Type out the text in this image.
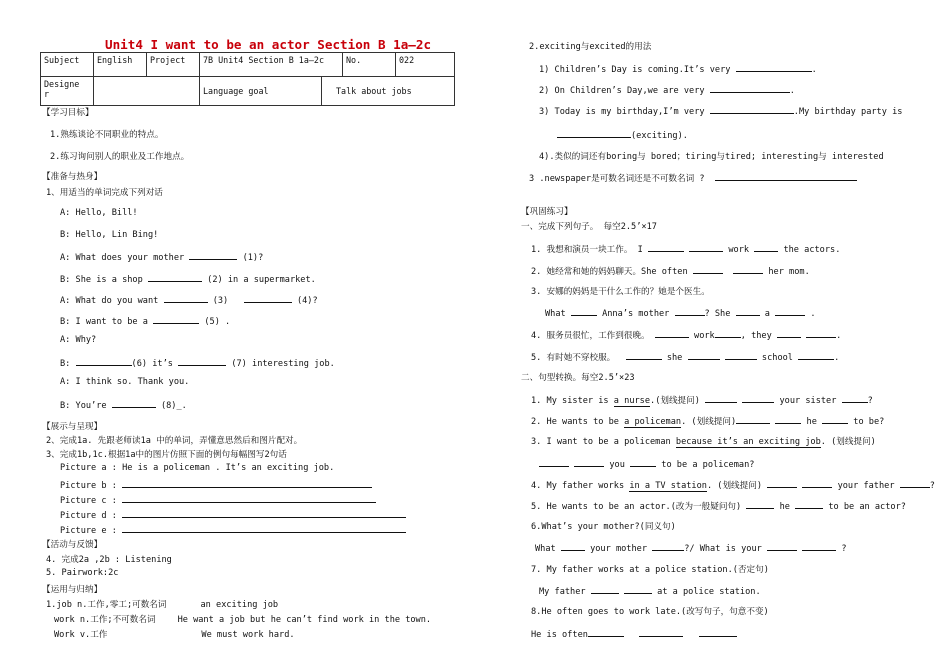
Unit4 I want to be an actor Section B 1a—2c
Subject	English	Project	7B Unit4 Section B 1a—2c		No.	022
Designe
r			Language goal	Talk about jobs		
【学习目标】
1.熟练谈论不同职业的特点。
2.练习询问别人的职业及工作地点。
【准备与热身】
1、用适当的单词完成下列对话
A: Hello, Bill!
B: Hello, Lin Bing!
A: What does your mother	(1)?
B: She is a shop	(2) in a supermarket.
A: What do you want	(3)	(4)?
B: I want to be a	(5) .
A: Why?
B:	(6) it’s	(7) interesting job.
A: I think so. Thank you.
B: You’re	(8)_.
【展示与呈现】
2、完成1a. 先跟老师读1a 中的单词，弄懂意思然后和图片配对。
3、完成1b,1c.根据1a中的图片仿照下面的例句每幅图写2句话
Picture a : He is a policeman . It’s an exciting job.
Picture b :
Picture c :
Picture d :
Picture e :
【活动与反馈】
4. 完成2a ,2b : Listening
5. Pairwork:2c
【运用与归纳】
1.job n.工作,零工;可数名词	an exciting job
work n.工作;不可数名词	He want a job but he can’t find work in the town.
Work v.工作	We must work hard.
2.exciting与excited的用法
1) Children’s Day is coming.It’s very	.
2) On Children’s Day,we are very	.
3) Today is my birthday,I’m very	.My birthday party is
(exciting).
4).类似的词还有boring与 bored；tiring与tired; interesting与 interested
3 .newspaper是可数名词还是不可数名词 ?
【巩固练习】
一、完成下列句子。 每空2.5’×17
1. 我想和演员一块工作。 I	work	the actors.
2. 她经常和她的妈妈聊天。She often	her mom.
3. 安娜的妈妈是干什么工作的？她是个医生。
What	Anna’s mother	? She	a	.
4. 服务员很忙，工作到很晚。	work	, they	.
5. 有时她不穿校服。	she	school	.
二、句型转换。每空2.5’×23
1. My sister is a nurse.(划线提问)	your sister	?
2. He wants to be a policeman. (划线提问)	he	to be?
3. I want to be a policeman because it’s an exciting job. (划线提问)
you	to be a policeman?
4. My father works in a TV station. (划线提问)	your father	?
5. He wants to be an actor.(改为一般疑问句)	he	to be an actor?
6.What’s your mother?(同义句)
What	your mother	?/ What is your	?
7. My father works at a police station.(否定句)
My father	at a police station.
8.He often goes to work late.(改写句子，句意不变)
He is often
